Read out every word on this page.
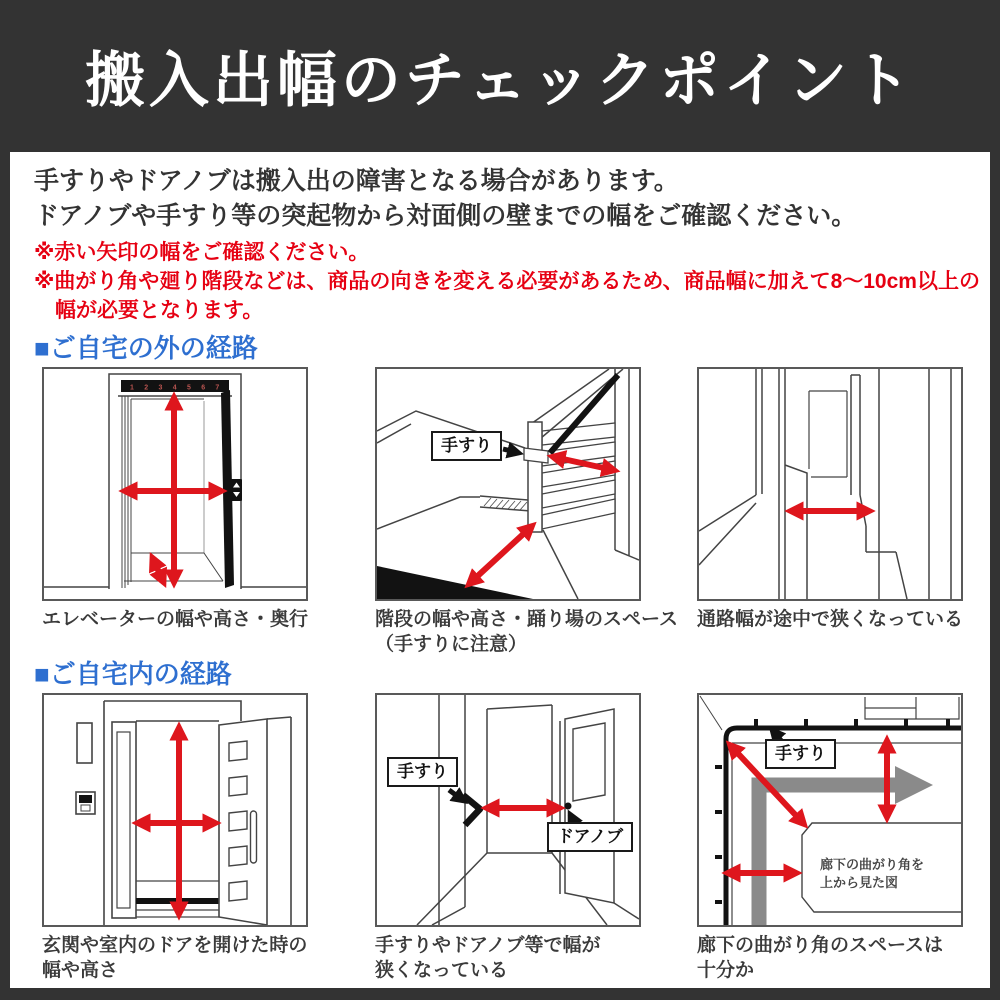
搬入出幅のチェックポイント

手すりやドアノブは搬入出の障害となる場合があります。

ドアノブや手すり等の突起物から対面側の壁までの幅をご確認ください。

※赤い矢印の幅をご確認ください。

※曲がり角や廻り階段などは、商品の向きを変える必要があるため、商品幅に加えて8～10cm以上の

幅が必要となります。

■ご自宅の外の経路
1 2 3 4 5 6 7
エレベーターの幅や高さ・奥行
手すり
階段の幅や高さ・踊り場のスペース
（手すりに注意）
通路幅が途中で狭くなっている
■ご自宅内の経路
玄関や室内のドアを開けた時の
幅や高さ
手すり
ドアノブ
手すりやドアノブ等で幅が
狭くなっている
手すり
廊下の曲がり角を
上から見た図
廊下の曲がり角のスペースは
十分か
